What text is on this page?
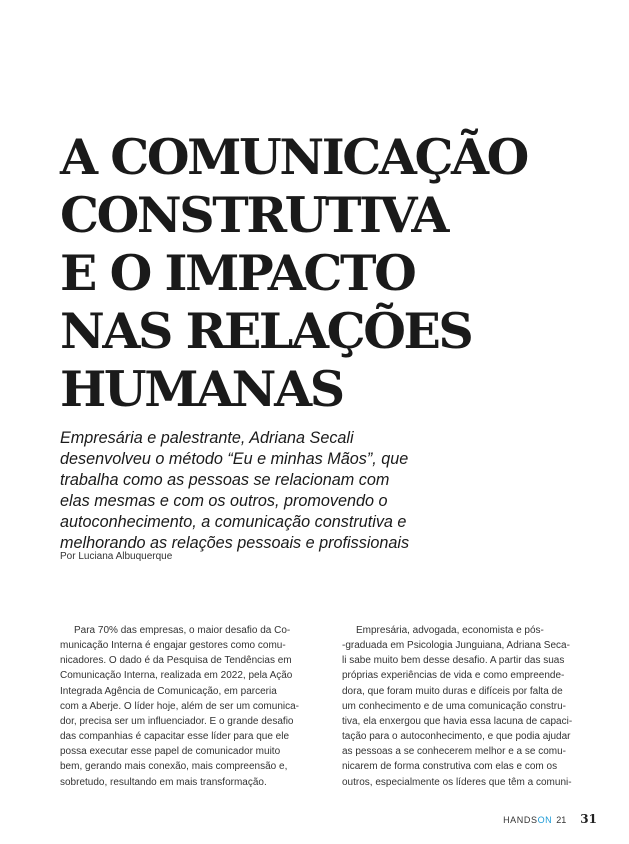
A COMUNICAÇÃO
CONSTRUTIVA
E O IMPACTO
NAS RELAÇÕES
HUMANAS

Empresária e palestrante, Adriana Secali
desenvolveu o método “Eu e minhas Mãos”, que
trabalha como as pessoas se relacionam com
elas mesmas e com os outros, promovendo o
autoconhecimento, a comunicação construtiva e
melhorando as relações pessoais e profissionais

Por Luciana Albuquerque

Para 70% das empresas, o maior desafio da Co-
municação Interna é engajar gestores como comu-
nicadores. O dado é da Pesquisa de Tendências em
Comunicação Interna, realizada em 2022, pela Ação
Integrada Agência de Comunicação, em parceria
com a Aberje. O líder hoje, além de ser um comunica-
dor, precisa ser um influenciador. E o grande desafio
das companhias é capacitar esse líder para que ele
possa executar esse papel de comunicador muito
bem, gerando mais conexão, mais compreensão e,
sobretudo, resultando em mais transformação.
Empresária, advogada, economista e pós-
-graduada em Psicologia Junguiana, Adriana Seca-
li sabe muito bem desse desafio. A partir das suas
próprias experiências de vida e como empreende-
dora, que foram muito duras e difíceis por falta de
um conhecimento e de uma comunicação constru-
tiva, ela enxergou que havia essa lacuna de capaci-
tação para o autoconhecimento, e que podia ajudar
as pessoas a se conhecerem melhor e a se comu-
nicarem de forma construtiva com elas e com os
outros, especialmente os líderes que têm a comuni-
HANDSON 21 31
